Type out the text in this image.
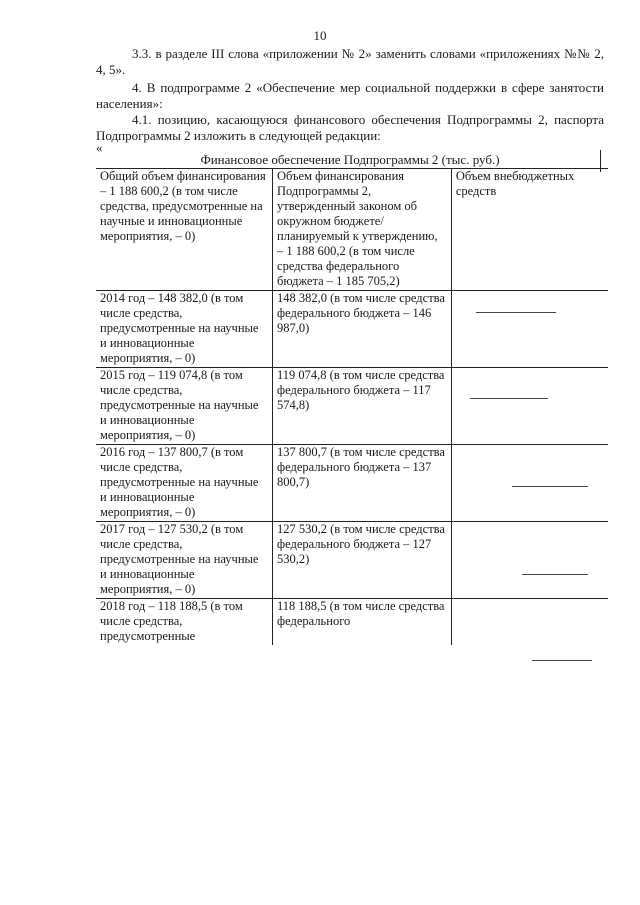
10
3.3. в разделе III слова «приложении № 2» заменить словами «приложениях №№ 2, 4, 5».
4. В подпрограмме 2 «Обеспечение мер социальной поддержки в сфере занятости населения»:
4.1. позицию, касающуюся финансового обеспечения Подпрограммы 2, паспорта Подпрограммы 2 изложить в следующей редакции:
«
Финансовое обеспечение Подпрограммы 2 (тыс. руб.)
Общий объем финансирования – 1 188 600,2 (в том числе средства, предусмотренные на научные и инновационные мероприятия, – 0)	Объем финансирования Подпрограммы 2, утвержденный законом об окружном бюджете/ планируемый к утверждению, – 1 188 600,2 (в том числе средства федерального бюджета – 1 185 705,2)	Объем внебюджетных средств
2014 год – 148 382,0 (в том числе средства, предусмотренные на научные и инновационные мероприятия, – 0)	148 382,0 (в том числе средства федерального бюджета – 146 987,0)	
2015 год – 119 074,8 (в том числе средства, предусмотренные на научные и инновационные мероприятия, – 0)	119 074,8 (в том числе средства федерального бюджета – 117 574,8)	
2016 год – 137 800,7 (в том числе средства, предусмотренные на научные и инновационные мероприятия, – 0)	137 800,7 (в том числе средства федерального бюджета – 137 800,7)	
2017 год – 127 530,2 (в том числе средства, предусмотренные на научные и инновационные мероприятия, – 0)	127 530,2 (в том числе средства федерального бюджета – 127 530,2)	
2018 год – 118 188,5 (в том числе средства, предусмотренные	118 188,5 (в том числе средства федерального	
